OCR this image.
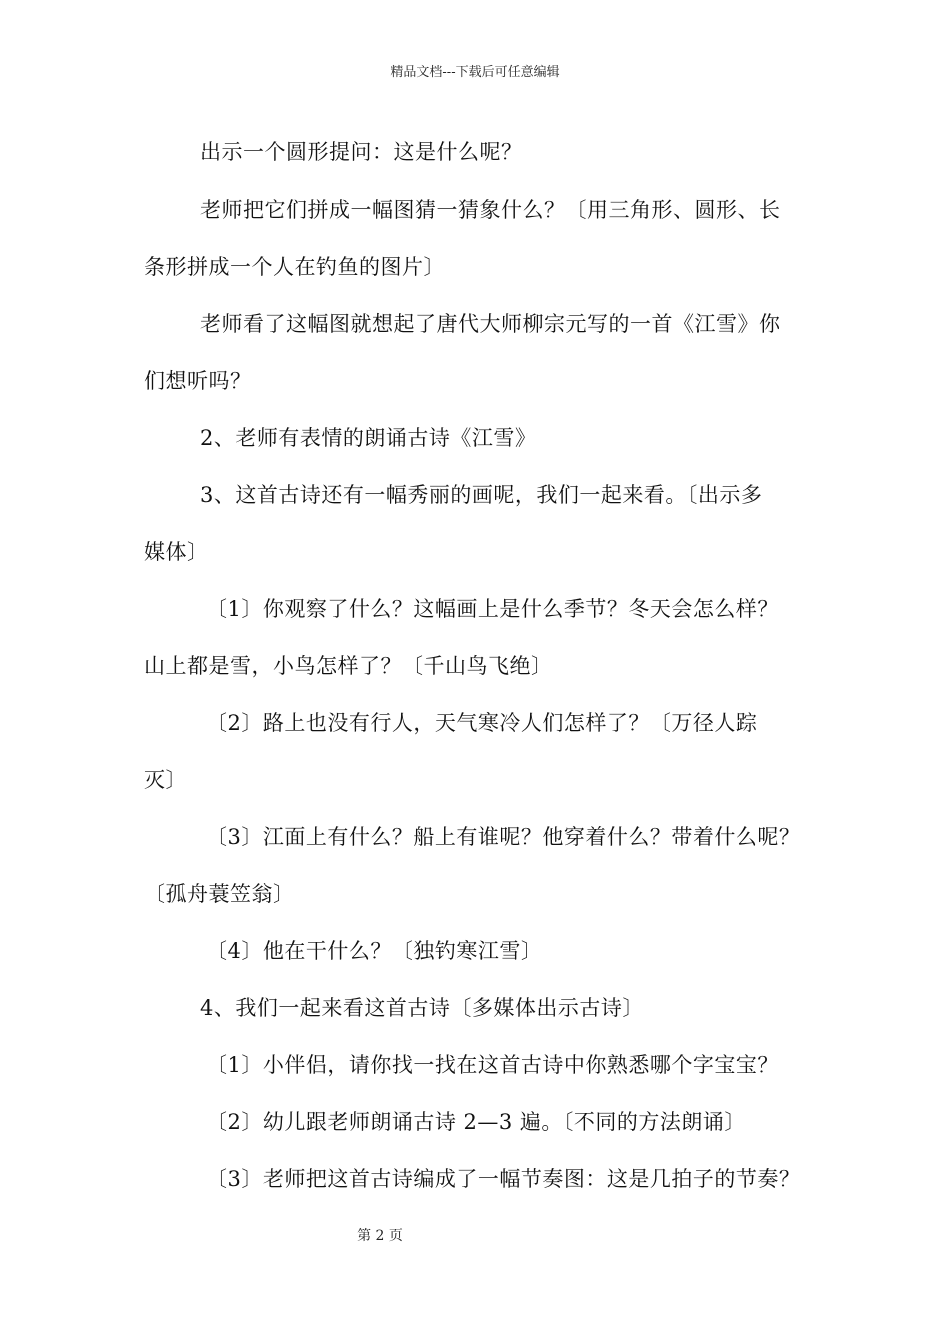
精品文档---下载后可任意编辑
出示一个圆形提问：这是什么呢？
老师把它们拼成一幅图猜一猜象什么？〔用三角形、圆形、长
条形拼成一个人在钓鱼的图片〕
老师看了这幅图就想起了唐代大师柳宗元写的一首《江雪》你
们想听吗？
2、老师有表情的朗诵古诗《江雪》
3、这首古诗还有一幅秀丽的画呢，我们一起来看。〔出示多
媒体〕
〔1〕你观察了什么？这幅画上是什么季节？冬天会怎么样？
山上都是雪，小鸟怎样了？〔千山鸟飞绝〕
〔2〕路上也没有行人，天气寒冷人们怎样了？〔万径人踪
灭〕
〔3〕江面上有什么？船上有谁呢？他穿着什么？带着什么呢？
〔孤舟蓑笠翁〕
〔4〕他在干什么？〔独钓寒江雪〕
4、我们一起来看这首古诗〔多媒体出示古诗〕
〔1〕小伴侣，请你找一找在这首古诗中你熟悉哪个字宝宝？
〔2〕幼儿跟老师朗诵古诗 2—3 遍。〔不同的方法朗诵〕
〔3〕老师把这首古诗编成了一幅节奏图：这是几拍子的节奏？
第 2 页
